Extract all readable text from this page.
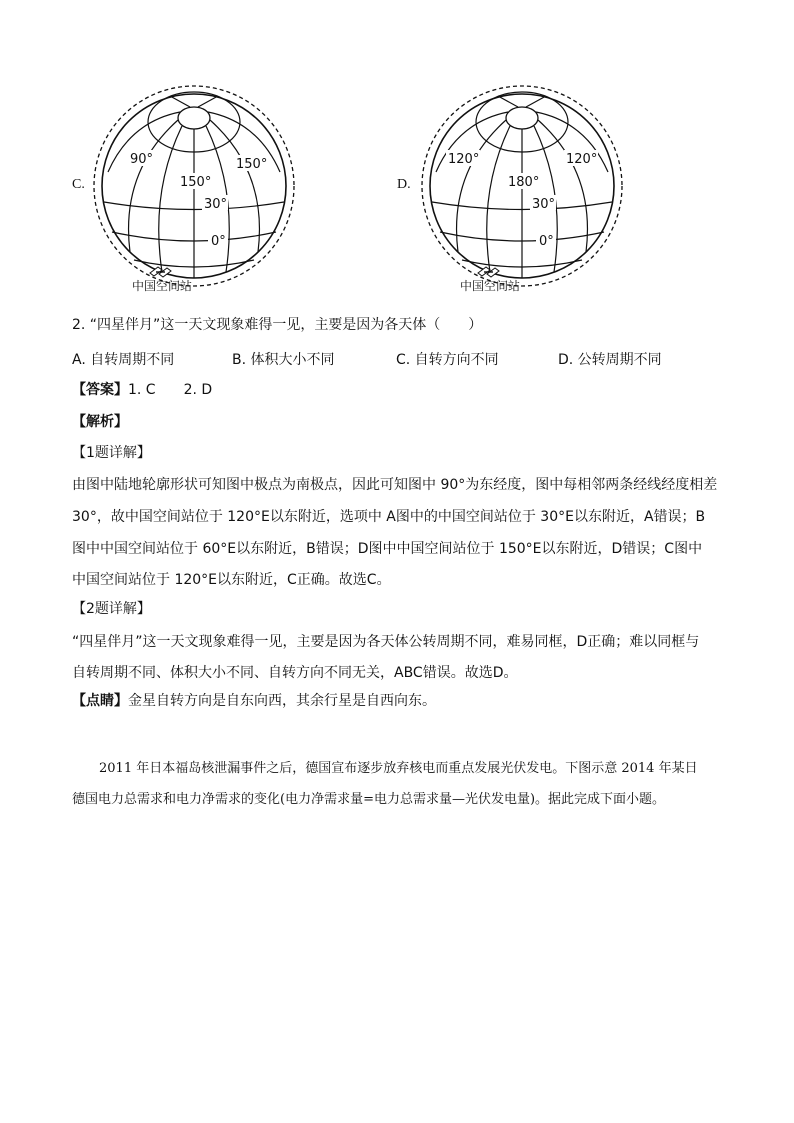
C.
90°	150°
150°
30°
0°
中国空间站
D.
120°	120°
180°
30°
0°
中国空间站
2. “四星伴月”这一天文现象难得一见，主要是因为各天体（　　）
A. 自转周期不同	B. 体积大小不同	C. 自转方向不同	D. 公转周期不同
【答案】1. C　　2. D
【解析】
【1题详解】
由图中陆地轮廓形状可知图中极点为南极点，因此可知图中 90°为东经度，图中每相邻两条经线经度相差
30°，故中国空间站位于 120°E以东附近，选项中 A图中的中国空间站位于 30°E以东附近，A错误；B
图中中国空间站位于 60°E以东附近，B错误；D图中中国空间站位于 150°E以东附近，D错误；C图中
中国空间站位于 120°E以东附近，C正确。故选C。
【2题详解】
“四星伴月”这一天文现象难得一见，主要是因为各天体公转周期不同，难易同框，D正确；难以同框与
自转周期不同、体积大小不同、自转方向不同无关，ABC错误。故选D。
【点睛】金星自转方向是自东向西，其余行星是自西向东。
2011 年日本福岛核泄漏事件之后，德国宣布逐步放弃核电而重点发展光伏发电。下图示意 2014 年某日
德国电力总需求和电力净需求的变化(电力净需求量=电力总需求量—光伏发电量)。据此完成下面小题。
